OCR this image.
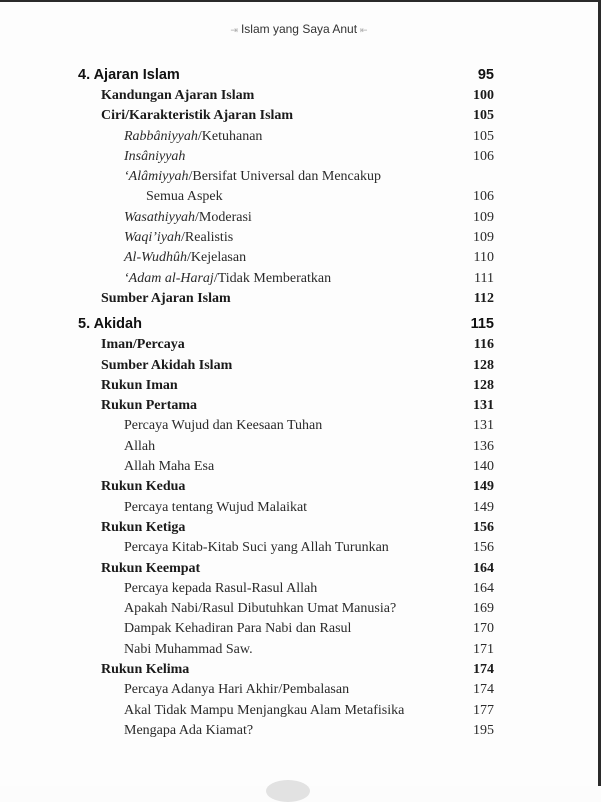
⇥ Islam yang Saya Anut ⇤
4. Ajaran Islam	95
Kandungan Ajaran Islam	100
Ciri/Karakteristik Ajaran Islam	105
Rabbâniyyah/Ketuhanan	105
Insâniyyah	106
‘Alâmiyyah/Bersifat Universal dan Mencakup
Semua Aspek	106
Wasathiyyah/Moderasi	109
Waqi’iyah/Realistis	109
Al-Wudhûh/Kejelasan	110
‘Adam al-Haraj/Tidak Memberatkan	111
Sumber Ajaran Islam	112
5. Akidah	115
Iman/Percaya	116
Sumber Akidah Islam	128
Rukun Iman	128
Rukun Pertama	131
Percaya Wujud dan Keesaan Tuhan	131
Allah	136
Allah Maha Esa	140
Rukun Kedua	149
Percaya tentang Wujud Malaikat	149
Rukun Ketiga	156
Percaya Kitab-Kitab Suci yang Allah Turunkan	156
Rukun Keempat	164
Percaya kepada Rasul-Rasul Allah	164
Apakah Nabi/Rasul Dibutuhkan Umat Manusia?	169
Dampak Kehadiran Para Nabi dan Rasul	170
Nabi Muhammad Saw.	171
Rukun Kelima	174
Percaya Adanya Hari Akhir/Pembalasan	174
Akal Tidak Mampu Menjangkau Alam Metafisika	177
Mengapa Ada Kiamat?	195
